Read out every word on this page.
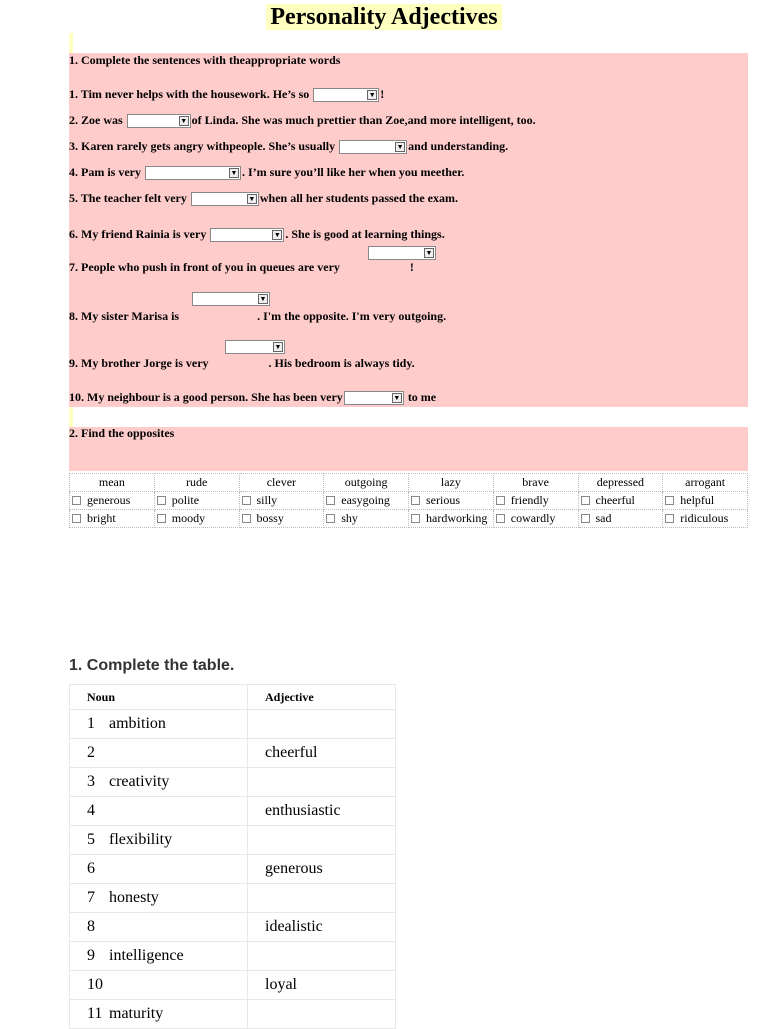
Personality Adjectives
1. Complete the sentences with theappropriate words
1. Tim never helps with the housework. He’s so	▼ !
2. Zoe was	▼ of Linda. She was much prettier than Zoe,and more intelligent, too.
3. Karen rarely gets angry withpeople. She’s usually	▼ and understanding.
4. Pam is very	▼ . I’m sure you’ll like her when you meether.
5. The teacher felt very	▼ when all her students passed the exam.
6. My friend Rainia is very	▼ . She is good at learning things.
▼
7. People who push in front of you in queues are very	!
▼
8. My sister Marisa is	. I'm the opposite. I'm very outgoing.
▼
9. My brother Jorge is very	. His bedroom is always tidy.
10. My neighbour is a good person. She has been very	▼ to me
2. Find the opposites
mean	rude	clever	outgoing	lazy	brave	depressed	arrogant
generous	polite	silly	easygoing	serious	friendly	cheerful	helpful
bright	moody	bossy	shy	hardworking	cowardly	sad	ridiculous
1. Complete the table.
Noun	Adjective
1 ambition	
2	cheerful
3 creativity	
4	enthusiastic
5 flexibility	
6	generous
7 honesty	
8	idealistic
9 intelligence	
10	loyal
11 maturity	
